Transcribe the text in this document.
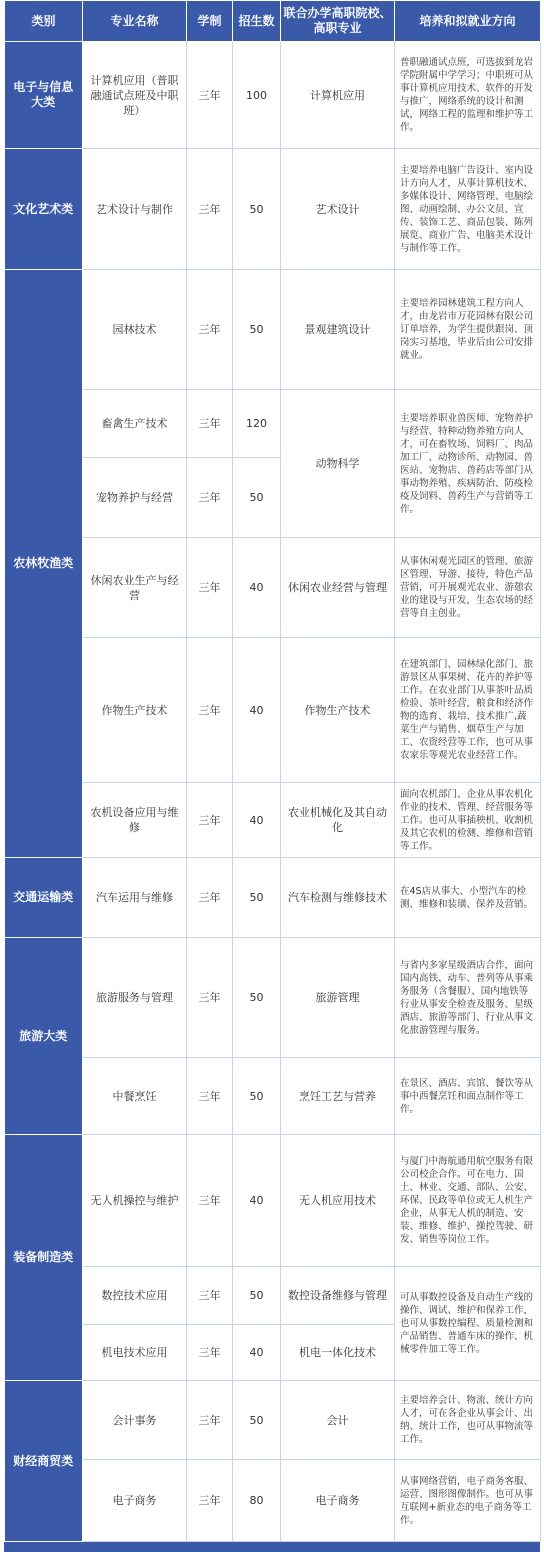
类别	专业名称	学制	招生数	联合办学高职院校、高职专业	培养和拟就业方向
电子与信息大类	计算机应用（普职融通试点班及中职班）	三年	100	计算机应用	普职融通试点班，可选拔到龙岩学院附属中学学习；中职班可从事计算机应用技术、软件的开发与推广，网络系统的设计和测试，网络工程的监理和维护等工作。
文化艺术类	艺术设计与制作	三年	50	艺术设计	主要培养电脑广告设计、室内设计方向人才，从事计算机技术、多媒体设计、网络管理、电脑绘图、动画绘制、办公文员、宣传、装饰工艺、商品包装、陈列展览、商业广告、电脑美术设计与制作等工作。
农林牧渔类	园林技术	三年	50	景观建筑设计	主要培养园林建筑工程方向人才，由龙岩市万花园林有限公司订单培养，为学生提供跟岗、顶岗实习基地，毕业后由公司安排就业。
	畜禽生产技术	三年	120	动物科学	主要培养职业兽医师、宠物养护与经营、特种动物养殖方向人才，可在畜牧场、饲料厂、肉品加工厂、动物诊所、动物园、兽医站、宠物店、兽药店等部门从事动物养殖、疾病防治、防疫检疫及饲料、兽药生产与营销等工作。
	宠物养护与经营	三年	50		
	休闲农业生产与经营	三年	40	休闲农业经营与管理	从事休闲观光园区的管理、旅游区管理、导游、接待，特色产品营销，可开展观光农业、游憩农业的建设与开发，生态农场的经营等自主创业。
	作物生产技术	三年	40	作物生产技术	在建筑部门、园林绿化部门、旅游景区从事果树、花卉的养护等工作。在农业部门从事茶叶品质检验、茶叶经营，粮食和经济作物的选育、栽培、技术推广,蔬菜生产与销售、烟草生产与加工、农资经营等工作，也可从事农家乐等观光农业经营工作。
	农机设备应用与维修	三年	40	农业机械化及其自动化	面向农机部门、企业从事农机化作业的技术、管理、经营服务等工作。也可从事插秧机、收割机及其它农机的检测、维修和营销等工作。
交通运输类	汽车运用与维修	三年	50	汽车检测与维修技术	在4S店从事大、小型汽车的检测、维修和装璜、保养及营销。
旅游大类	旅游服务与管理	三年	50	旅游管理	与省内多家星级酒店合作，面向国内高铁、动车、普列等从事乘务服务（含餐服）、国内地铁等行业从事安全检查及服务、星级酒店、旅游等部门、行业从事文化旅游管理与服务。
	中餐烹饪	三年	50	烹饪工艺与营养	在景区、酒店、宾馆、餐饮等从事中西餐烹饪和面点制作等工作。
装备制造类	无人机操控与维护	三年	40	无人机应用技术	与厦门中海航通用航空服务有限公司校企合作。可在电力、国土、林业、交通、部队、公安、环保、民政等单位或无人机生产企业，从事无人机的制造、安装、维修、维护、操控驾驶、研发、销售等岗位工作。
	数控技术应用	三年	50	数控设备维修与管理	可从事数控设备及自动生产线的操作、调试、维护和保养工作，也可从事数控编程、质量检测和产品销售、普通车床的操作、机械零件加工等工作。
	机电技术应用	三年	40	机电一体化技术	
财经商贸类	会计事务	三年	50	会计	主要培养会计、物流、统计方向人才，可在各企业从事会计、出纳、统计工作，也可从事物流等工作。
	电子商务	三年	80	电子商务	从事网络营销，电子商务客服、运营、图形图像制作。也可从事互联网+新业态的电子商务等工作。
